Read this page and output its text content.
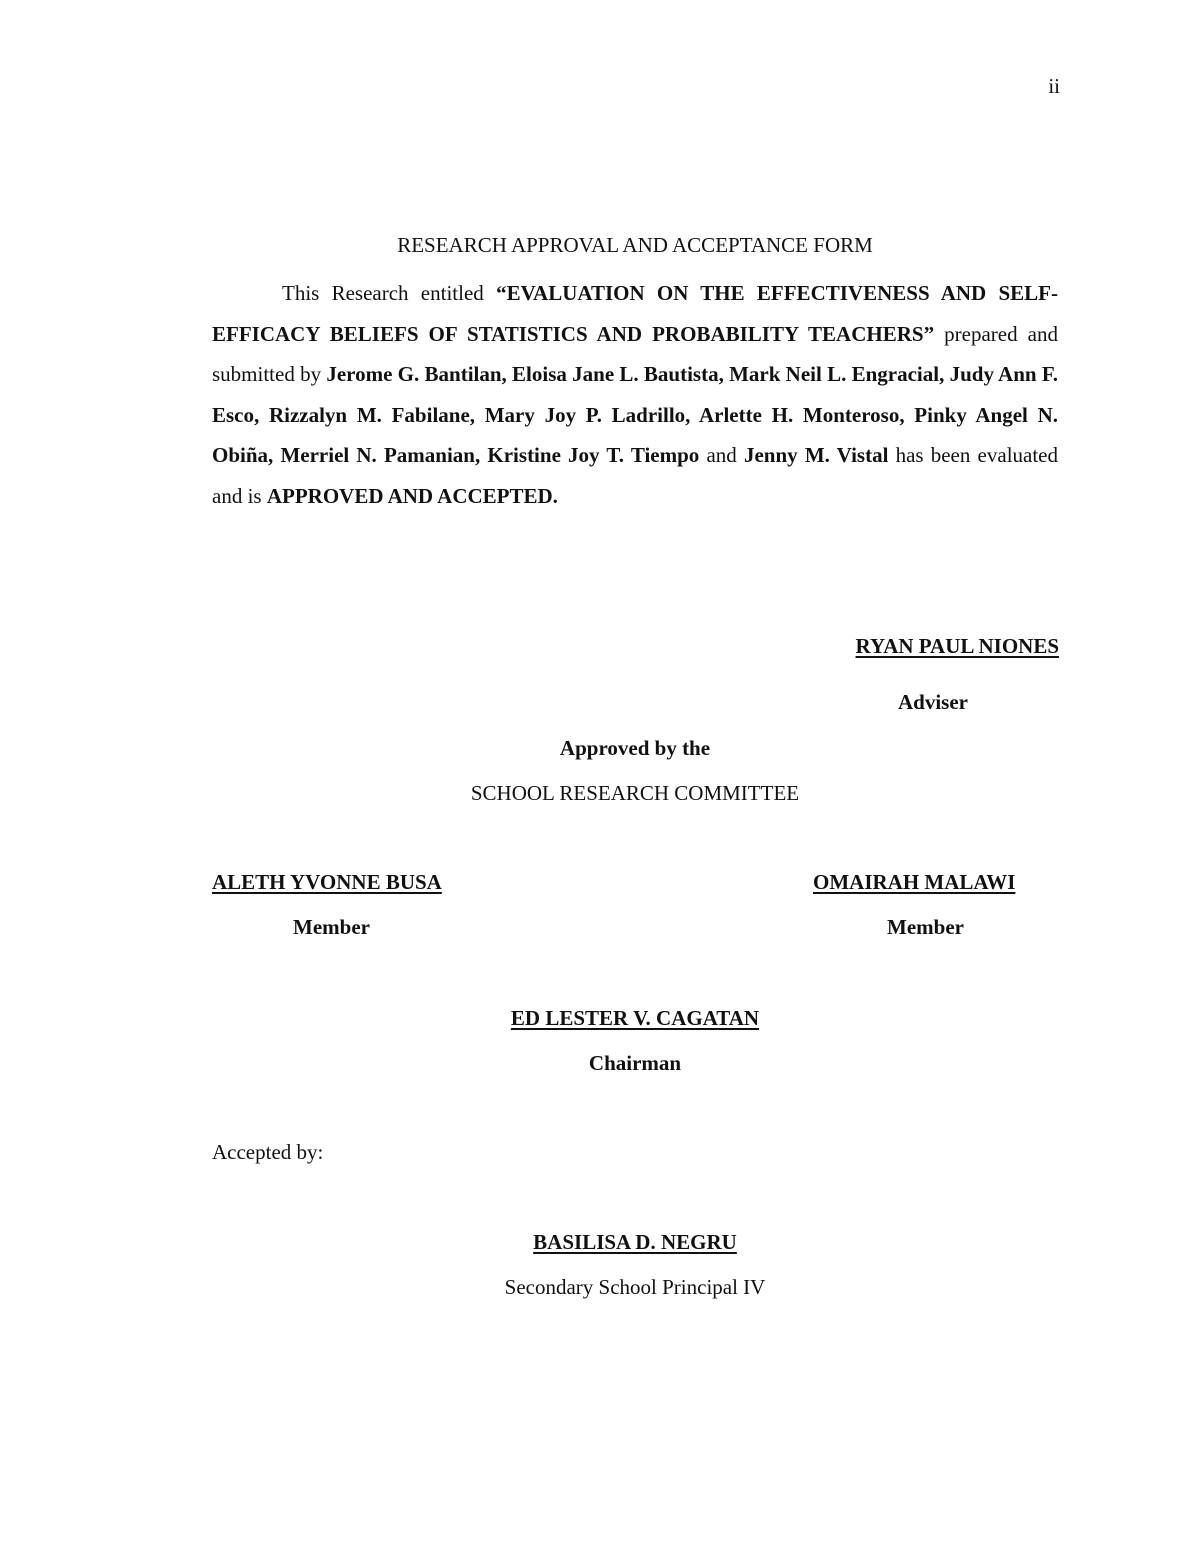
ii
RESEARCH APPROVAL AND ACCEPTANCE FORM

This Research entitled “EVALUATION ON THE EFFECTIVENESS AND SELF-EFFICACY BELIEFS OF STATISTICS AND PROBABILITY TEACHERS” prepared and submitted by Jerome G. Bantilan, Eloisa Jane L. Bautista, Mark Neil L. Engracial, Judy Ann F. Esco, Rizzalyn M. Fabilane, Mary Joy P. Ladrillo, Arlette H. Monteroso, Pinky Angel N. Obiña, Merriel N. Pamanian, Kristine Joy T. Tiempo and Jenny M. Vistal has been evaluated and is APPROVED AND ACCEPTED.

RYAN PAUL NIONES
Adviser
Approved by the
SCHOOL RESEARCH COMMITTEE
ALETH YVONNE BUSA
Member
OMAIRAH MALAWI
Member
ED LESTER V. CAGATAN
Chairman
Accepted by:
BASILISA D. NEGRU
Secondary School Principal IV
